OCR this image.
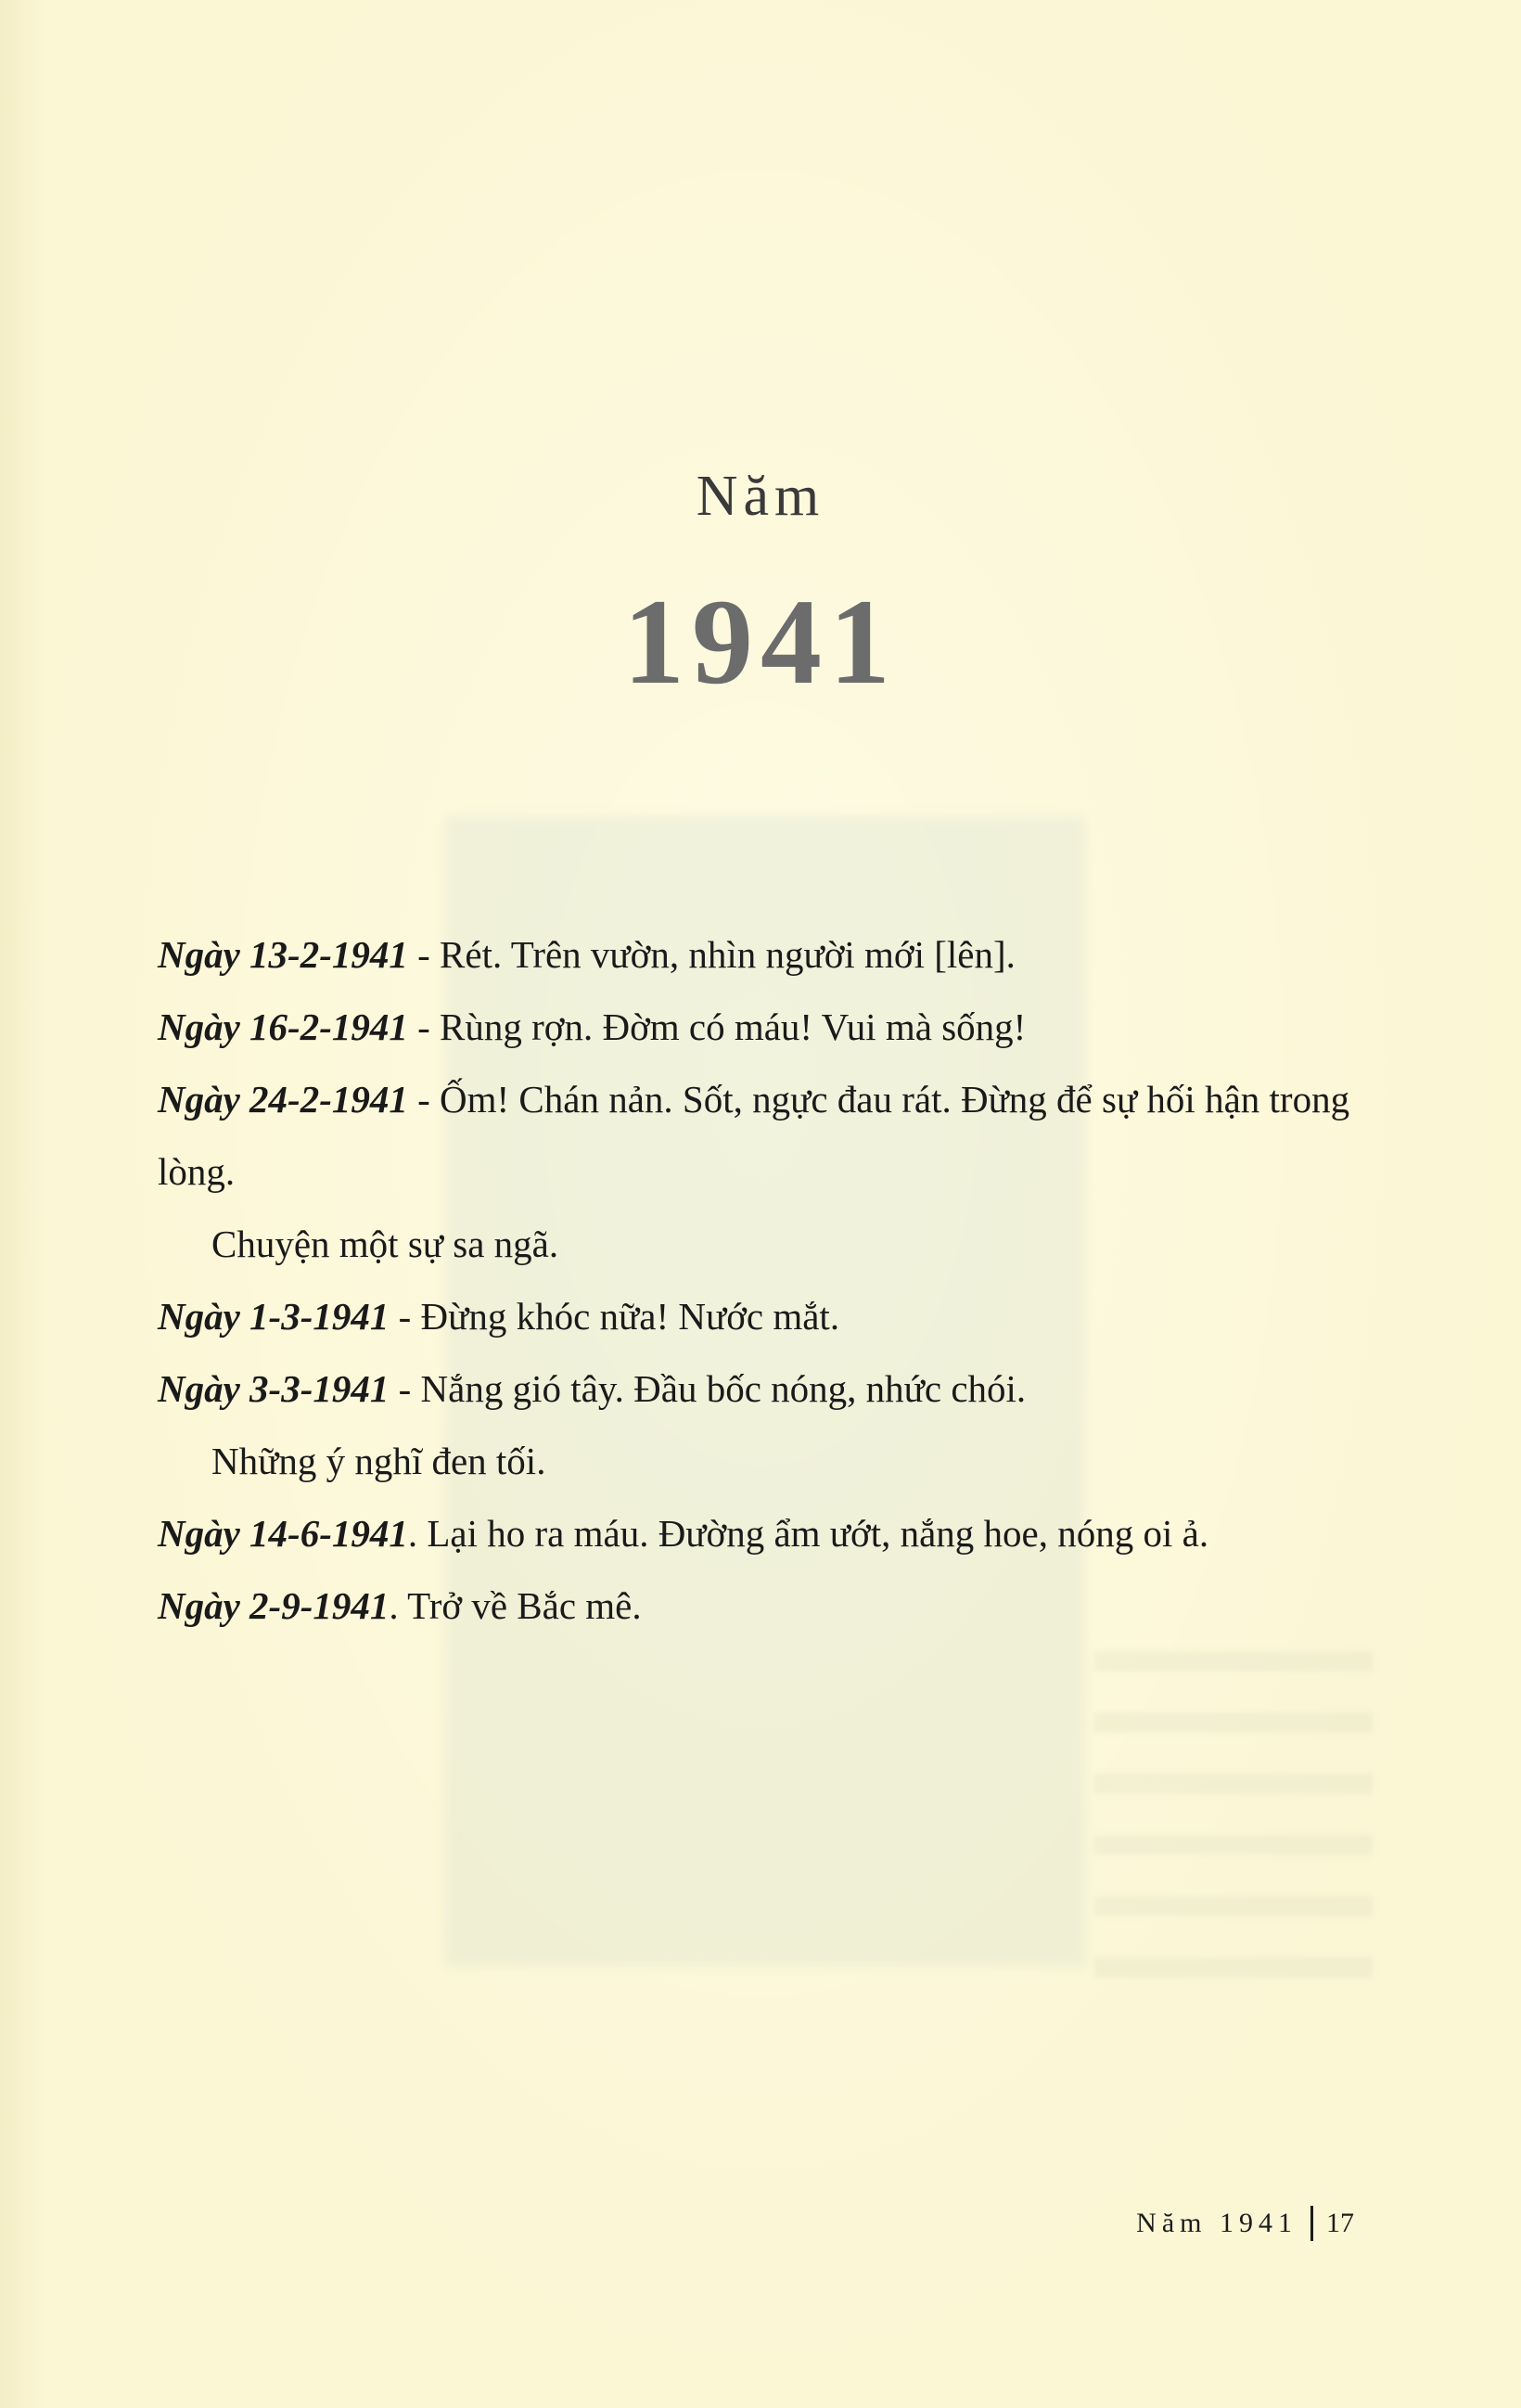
Năm
1941

Ngày 13-2-1941 - Rét. Trên vườn, nhìn người mới [lên].

Ngày 16-2-1941 - Rùng rợn. Đờm có máu! Vui mà sống!

Ngày 24-2-1941 - Ốm! Chán nản. Sốt, ngực đau rát. Đừng để sự hối hận trong lòng.

Chuyện một sự sa ngã.

Ngày 1-3-1941 - Đừng khóc nữa! Nước mắt.

Ngày 3-3-1941 - Nắng gió tây. Đầu bốc nóng, nhức chói.

Những ý nghĩ đen tối.

Ngày 14-6-1941. Lại ho ra máu. Đường ẩm ướt, nắng hoe, nóng oi ả.

Ngày 2-9-1941. Trở về Bắc mê.

Năm 1941 17
